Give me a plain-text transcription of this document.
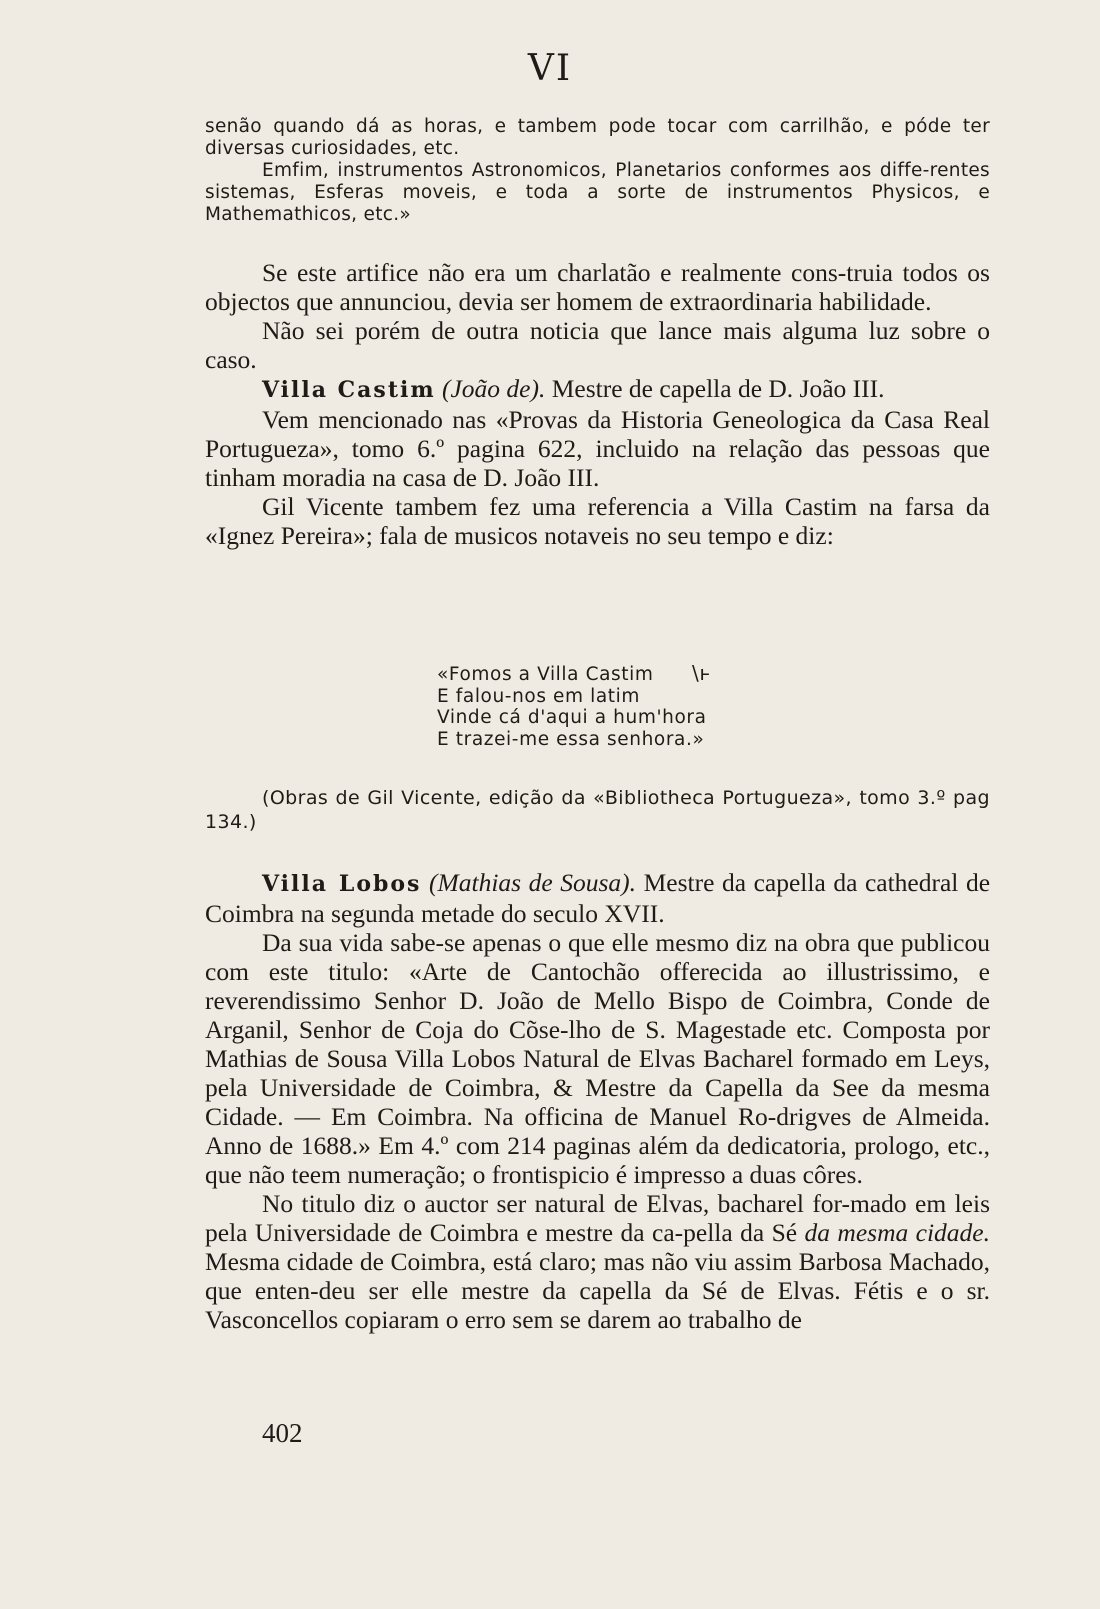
VI

senão quando dá as horas, e tambem pode tocar com carrilhão, e póde ter diversas curiosidades, etc.

Emfim, instrumentos Astronomicos, Planetarios conformes aos diffe-rentes sistemas, Esferas moveis, e toda a sorte de instrumentos Physicos, e Mathemathicos, etc.»

Se este artifice não era um charlatão e realmente cons-truia todos os objectos que annunciou, devia ser homem de extraordinaria habilidade.

Não sei porém de outra noticia que lance mais alguma luz sobre o caso.

Villa Castim (João de). Mestre de capella de D. João III.

Vem mencionado nas «Provas da Historia Geneologica da Casa Real Portugueza», tomo 6.º pagina 622, incluido na relação das pessoas que tinham moradia na casa de D. João III.

Gil Vicente tambem fez uma referencia a Villa Castim na farsa da «Ignez Pereira»; fala de musicos notaveis no seu tempo e diz:

«Fomos a Villa Castim \ⱶ
E falou-nos em latim
Vinde cá d'aqui a hum'hora
E trazei-me essa senhora.»

(Obras de Gil Vicente, edição da «Bibliotheca Portugueza», tomo 3.º pag 134.)

Villa Lobos (Mathias de Sousa). Mestre da capella da cathedral de Coimbra na segunda metade do seculo XVII.

Da sua vida sabe-se apenas o que elle mesmo diz na obra que publicou com este titulo: «Arte de Cantochão offerecida ao illustrissimo, e reverendissimo Senhor D. João de Mello Bispo de Coimbra, Conde de Arganil, Senhor de Coja do Cõse-lho de S. Magestade etc. Composta por Mathias de Sousa Villa Lobos Natural de Elvas Bacharel formado em Leys, pela Universidade de Coimbra, & Mestre da Capella da See da mesma Cidade. — Em Coimbra. Na officina de Manuel Ro-drigves de Almeida. Anno de 1688.» Em 4.º com 214 paginas além da dedicatoria, prologo, etc., que não teem numeração; o frontispicio é impresso a duas côres.

No titulo diz o auctor ser natural de Elvas, bacharel for-mado em leis pela Universidade de Coimbra e mestre da ca-pella da Sé da mesma cidade. Mesma cidade de Coimbra, está claro; mas não viu assim Barbosa Machado, que enten-deu ser elle mestre da capella da Sé de Elvas. Fétis e o sr. Vasconcellos copiaram o erro sem se darem ao trabalho de

402
